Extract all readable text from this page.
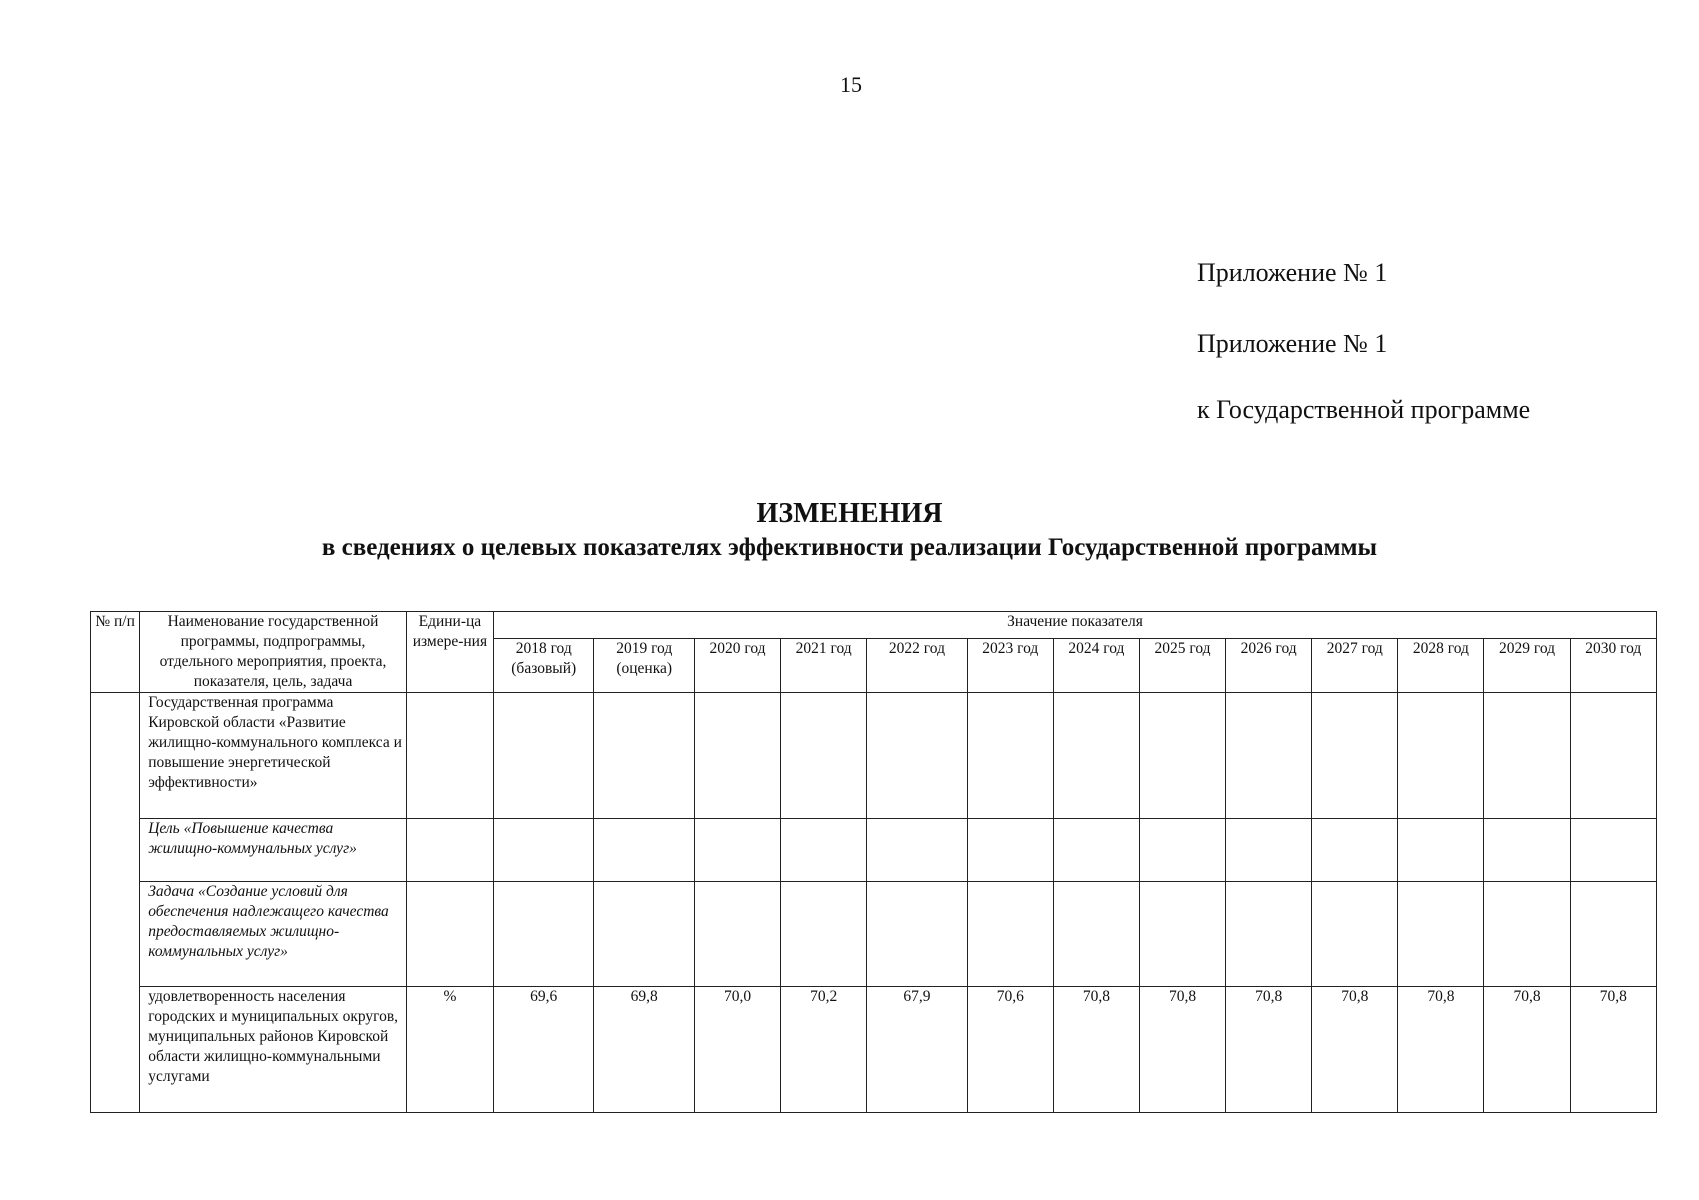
15
Приложение № 1
Приложение № 1
к Государственной программе
ИЗМЕНЕНИЯ
в сведениях о целевых показателях эффективности реализации Государственной программы
№ п/п	Наименование государственной программы, подпрограммы, отдельного мероприятия, проекта, показателя, цель, задача	Едини-ца измере-ния	Значение показателя												
			2018 год (базовый)	2019 год (оценка)	2020 год	2021 год	2022 год	2023 год	2024 год	2025 год	2026 год	2027 год	2028 год	2029 год	2030 год
	Государственная программа Кировской области «Развитие жилищно-коммунального комплекса и повышение энергетической эффективности»														
	Цель «Повышение качества жилищно-коммунальных услуг»														
	Задача «Создание условий для обеспечения надлежащего качества предоставляемых жилищно-коммунальных услуг»														
	удовлетворенность населения городских и муниципальных округов, муниципальных районов Кировской области жилищно-коммунальными услугами	%	69,6	69,8	70,0	70,2	67,9	70,6	70,8	70,8	70,8	70,8	70,8	70,8	70,8
